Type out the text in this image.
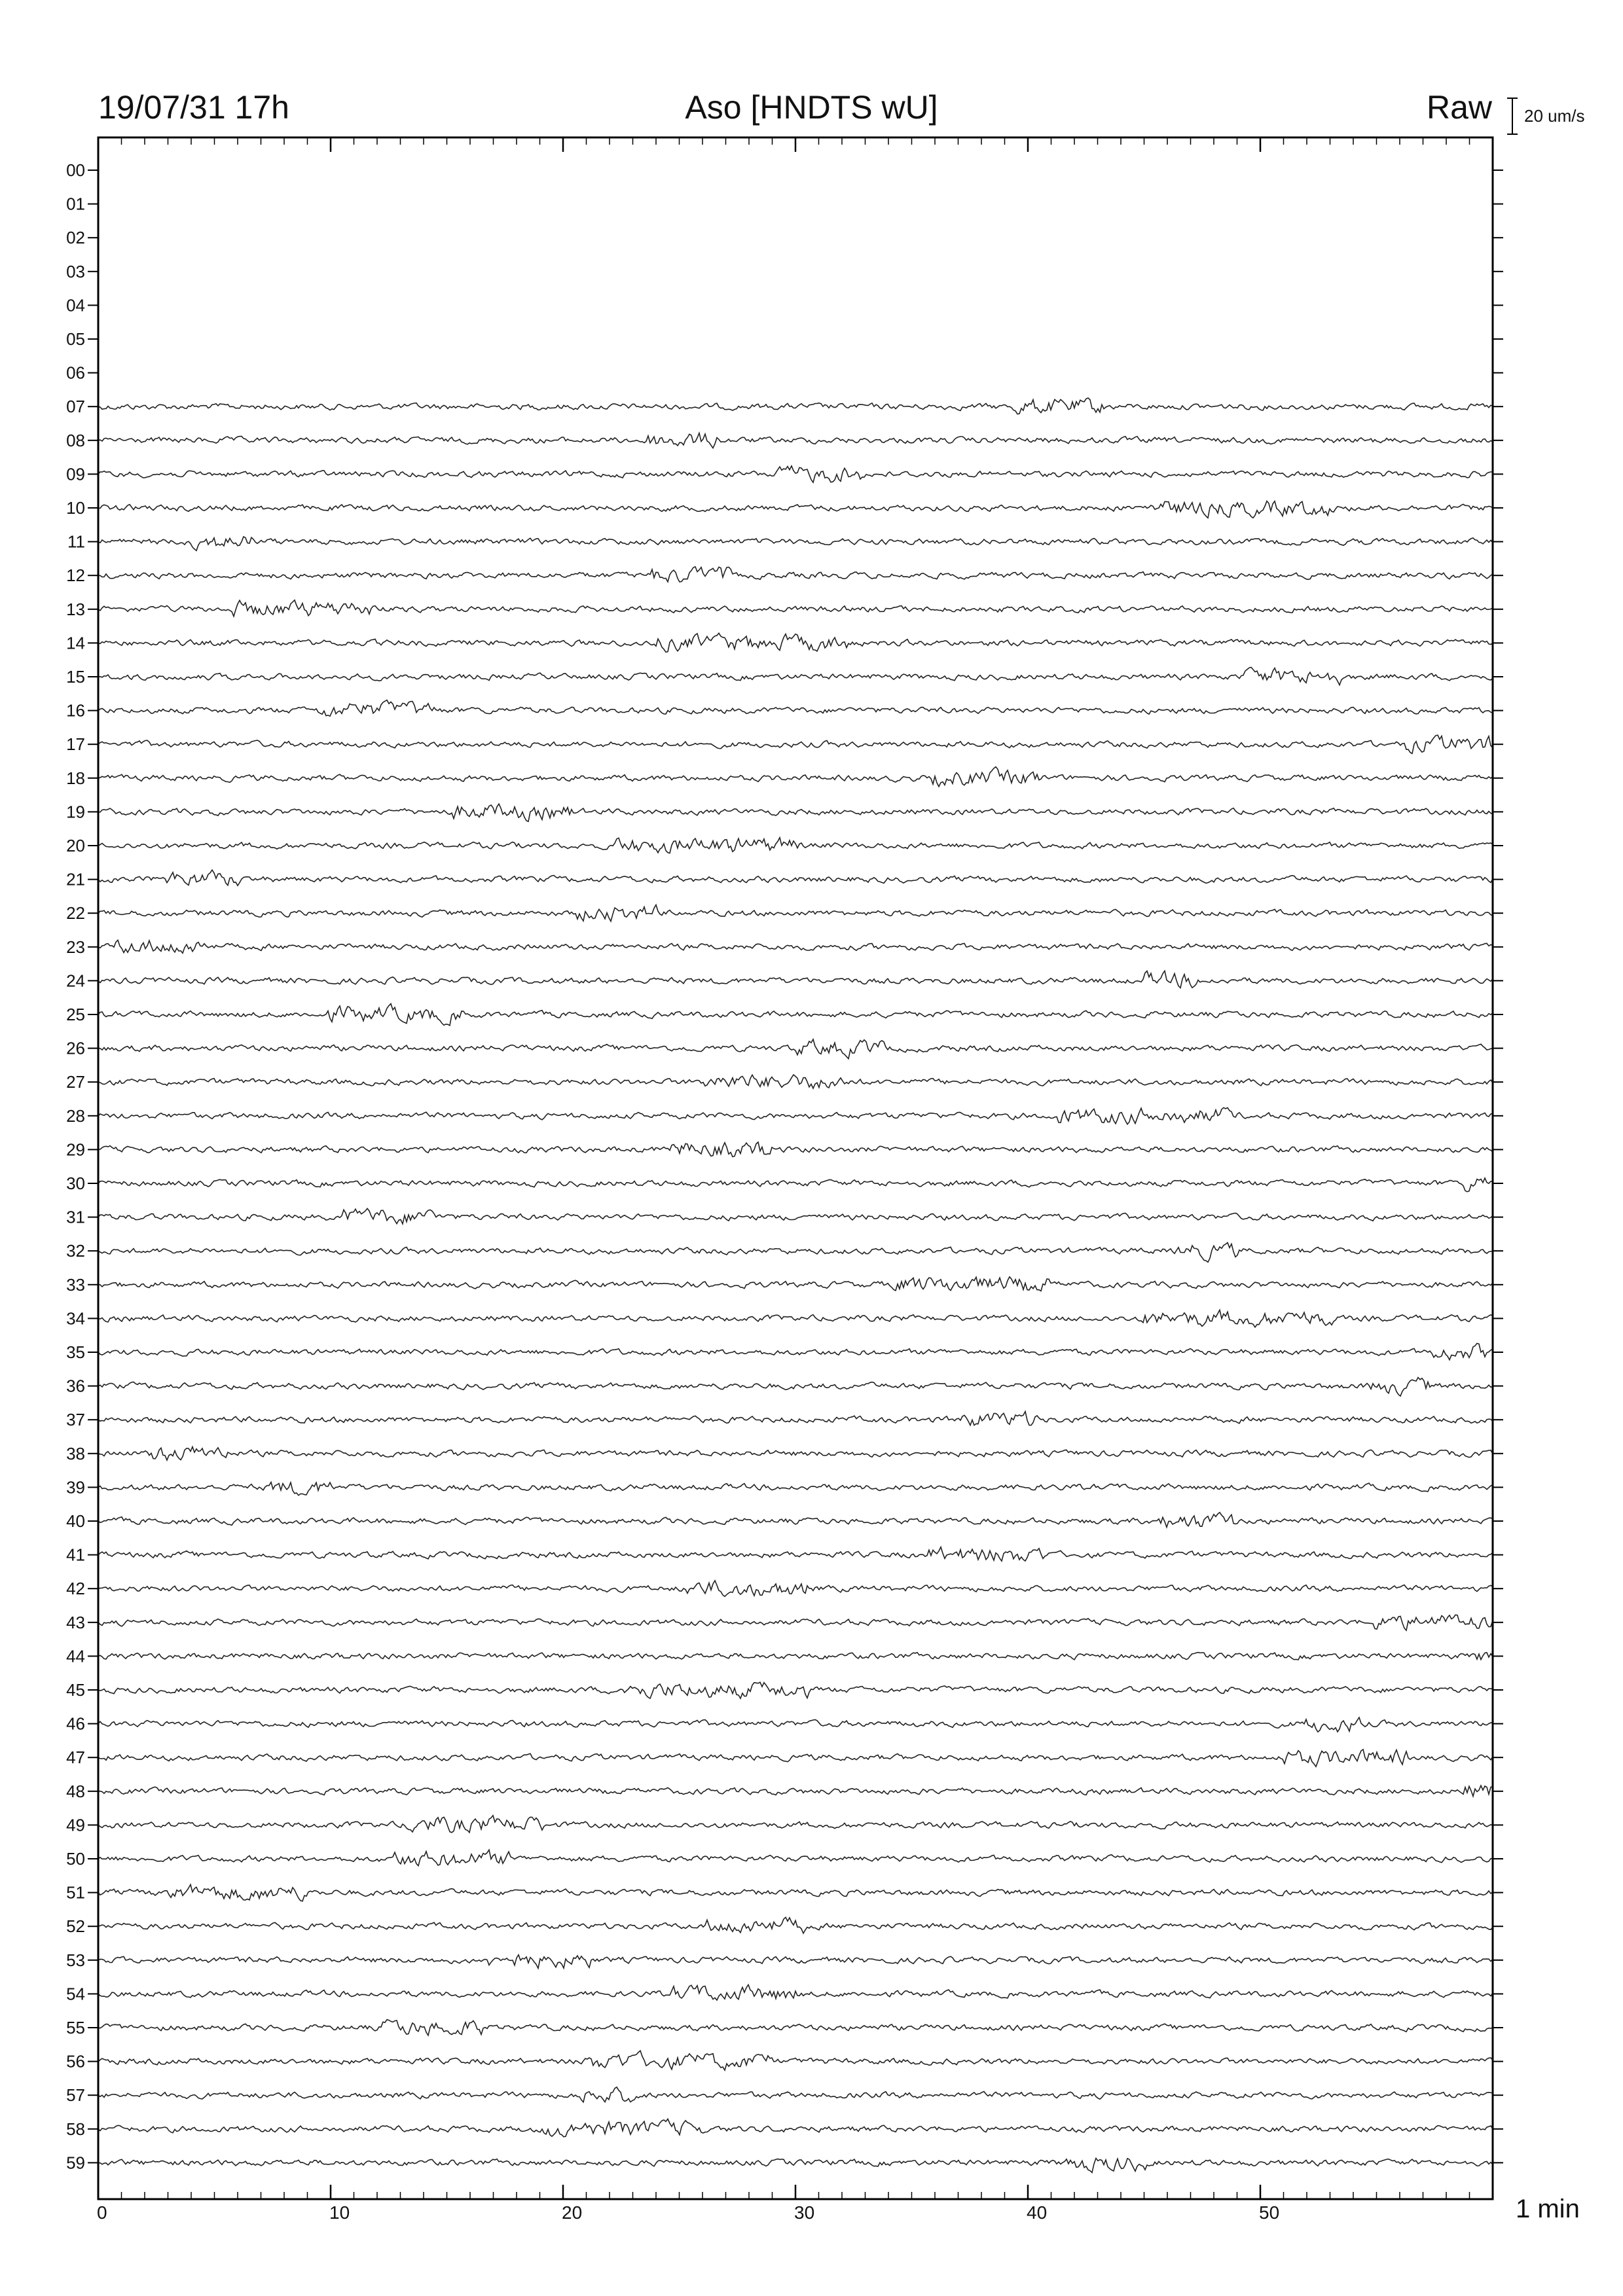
19/07/31 17h	Aso [HNDTS wU]	Raw
00
01
02
03
04
05
06
07
08
09
10
11
12
13
14
15
16
17
18
19
20
21
22
23
24
25
26
27
28
29
30
31
32
33
34
35
36
37
38
39
40
41
42
43
44
45
46
47
48
49
50
51
52
53
54
55
56
57
58
59
0	10	20	30	40	50
20 um/s
1 min
